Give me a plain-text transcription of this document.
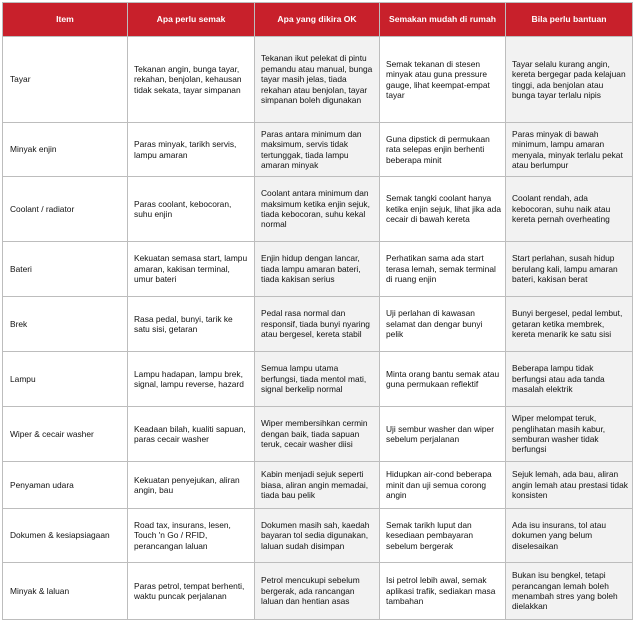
Item	Apa perlu semak	Apa yang dikira OK	Semakan mudah di rumah	Bila perlu bantuan
Tayar	Tekanan angin, bunga tayar, rekahan, benjolan, kehausan tidak sekata, tayar simpanan	Tekanan ikut pelekat di pintu pemandu atau manual, bunga tayar masih jelas, tiada rekahan atau benjolan, tayar simpanan boleh digunakan	Semak tekanan di stesen minyak atau guna pressure gauge, lihat keempat-empat tayar	Tayar selalu kurang angin, kereta bergegar pada kelajuan tinggi, ada benjolan atau bunga tayar terlalu nipis
Minyak enjin	Paras minyak, tarikh servis, lampu amaran	Paras antara minimum dan maksimum, servis tidak tertunggak, tiada lampu amaran minyak	Guna dipstick di permukaan rata selepas enjin berhenti beberapa minit	Paras minyak di bawah minimum, lampu amaran menyala, minyak terlalu pekat atau berlumpur
Coolant / radiator	Paras coolant, kebocoran, suhu enjin	Coolant antara minimum dan maksimum ketika enjin sejuk, tiada kebocoran, suhu kekal normal	Semak tangki coolant hanya ketika enjin sejuk, lihat jika ada cecair di bawah kereta	Coolant rendah, ada kebocoran, suhu naik atau kereta pernah overheating
Bateri	Kekuatan semasa start, lampu amaran, kakisan terminal, umur bateri	Enjin hidup dengan lancar, tiada lampu amaran bateri, tiada kakisan serius	Perhatikan sama ada start terasa lemah, semak terminal di ruang enjin	Start perlahan, susah hidup berulang kali, lampu amaran bateri, kakisan berat
Brek	Rasa pedal, bunyi, tarik ke satu sisi, getaran	Pedal rasa normal dan responsif, tiada bunyi nyaring atau bergesel, kereta stabil	Uji perlahan di kawasan selamat dan dengar bunyi pelik	Bunyi bergesel, pedal lembut, getaran ketika membrek, kereta menarik ke satu sisi
Lampu	Lampu hadapan, lampu brek, signal, lampu reverse, hazard	Semua lampu utama berfungsi, tiada mentol mati, signal berkelip normal	Minta orang bantu semak atau guna permukaan reflektif	Beberapa lampu tidak berfungsi atau ada tanda masalah elektrik
Wiper & cecair washer	Keadaan bilah, kualiti sapuan, paras cecair washer	Wiper membersihkan cermin dengan baik, tiada sapuan teruk, cecair washer diisi	Uji sembur washer dan wiper sebelum perjalanan	Wiper melompat teruk, penglihatan masih kabur, semburan washer tidak berfungsi
Penyaman udara	Kekuatan penyejukan, aliran angin, bau	Kabin menjadi sejuk seperti biasa, aliran angin memadai, tiada bau pelik	Hidupkan air-cond beberapa minit dan uji semua corong angin	Sejuk lemah, ada bau, aliran angin lemah atau prestasi tidak konsisten
Dokumen & kesiapsiagaan	Road tax, insurans, lesen, Touch 'n Go / RFID, perancangan laluan	Dokumen masih sah, kaedah bayaran tol sedia digunakan, laluan sudah disimpan	Semak tarikh luput dan kesediaan pembayaran sebelum bergerak	Ada isu insurans, tol atau dokumen yang belum diselesaikan
Minyak & laluan	Paras petrol, tempat berhenti, waktu puncak perjalanan	Petrol mencukupi sebelum bergerak, ada rancangan laluan dan hentian asas	Isi petrol lebih awal, semak aplikasi trafik, sediakan masa tambahan	Bukan isu bengkel, tetapi perancangan lemah boleh menambah stres yang boleh dielakkan
